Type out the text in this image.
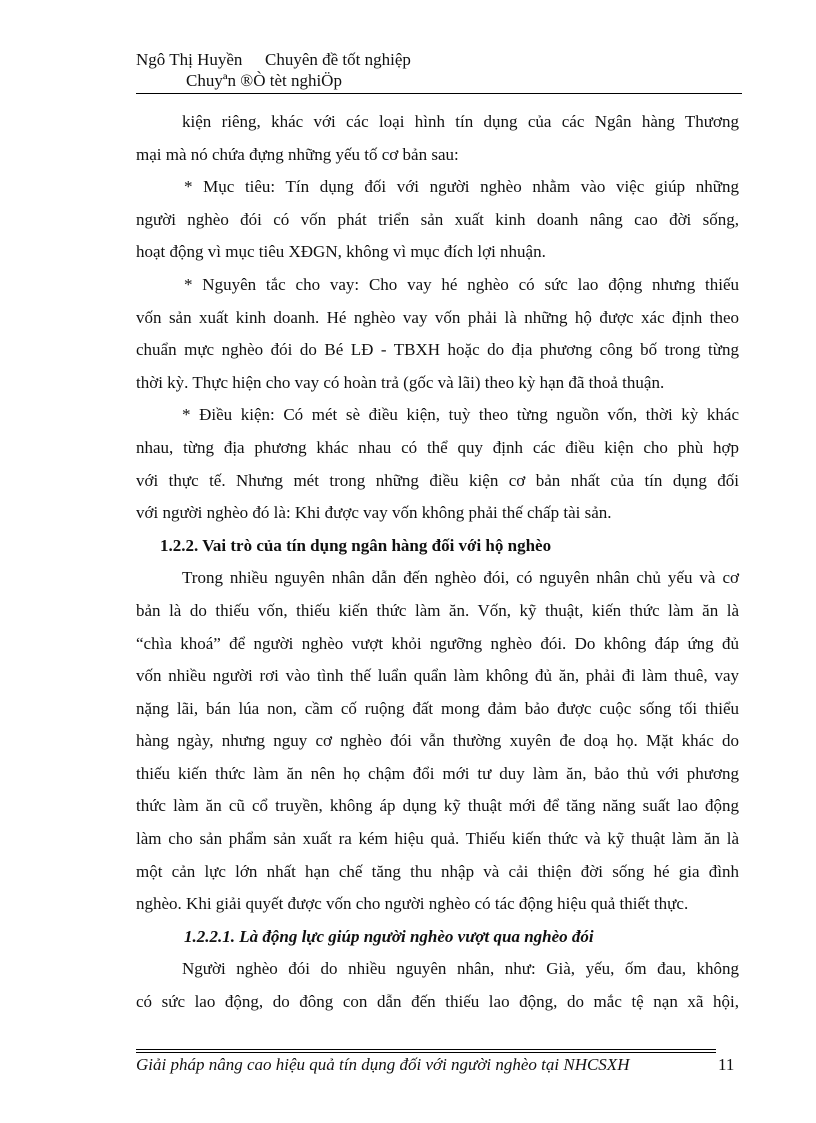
Ngô Thị Huyền Chuyên đề tốt nghiệp
Chuyªn ®Ò tèt nghiÖp
kiện riêng, khác với các loại hình tín dụng của các Ngân hàng Thương
mại mà nó chứa đựng những yếu tố cơ bản sau:
* Mục tiêu: Tín dụng đối với người nghèo nhằm vào việc giúp những
người nghèo đói có vốn phát triển sản xuất kinh doanh nâng cao đời sống,
hoạt động vì mục tiêu XĐGN, không vì mục đích lợi nhuận.
* Nguyên tắc cho vay: Cho vay hé nghèo có sức lao động nhưng thiếu
vốn sản xuất kinh doanh. Hé nghèo vay vốn phải là những hộ được xác định theo
chuẩn mực nghèo đói do Bé LĐ - TBXH hoặc do địa phương công bố trong từng
thời kỳ. Thực hiện cho vay có hoàn trả (gốc và lãi) theo kỳ hạn đã thoả thuận.
* Điều kiện: Có mét sè điều kiện, tuỳ theo từng nguồn vốn, thời kỳ khác
nhau, từng địa phương khác nhau có thể quy định các điều kiện cho phù hợp
với thực tế. Nhưng mét trong những điều kiện cơ bản nhất của tín dụng đối
với người nghèo đó là: Khi được vay vốn không phải thế chấp tài sản.
1.2.2. Vai trò của tín dụng ngân hàng đối với hộ nghèo
Trong nhiều nguyên nhân dẫn đến nghèo đói, có nguyên nhân chủ yếu và cơ
bản là do thiếu vốn, thiếu kiến thức làm ăn. Vốn, kỹ thuật, kiến thức làm ăn là
“chìa khoá” để người nghèo vượt khỏi ngưỡng nghèo đói. Do không đáp ứng đủ
vốn nhiều người rơi vào tình thế luẩn quẩn làm không đủ ăn, phải đi làm thuê, vay
nặng lãi, bán lúa non, cầm cố ruộng đất mong đảm bảo được cuộc sống tối thiểu
hàng ngày, nhưng nguy cơ nghèo đói vẫn thường xuyên đe doạ họ. Mặt khác do
thiếu kiến thức làm ăn nên họ chậm đổi mới tư duy làm ăn, bảo thủ với phương
thức làm ăn cũ cổ truyền, không áp dụng kỹ thuật mới để tăng năng suất lao động
làm cho sản phẩm sản xuất ra kém hiệu quả. Thiếu kiến thức và kỹ thuật làm ăn là
một cản lực lớn nhất hạn chế tăng thu nhập và cải thiện đời sống hé gia đình
nghèo. Khi giải quyết được vốn cho người nghèo có tác động hiệu quả thiết thực.
1.2.2.1. Là động lực giúp người nghèo vượt qua nghèo đói
Người nghèo đói do nhiều nguyên nhân, như: Già, yếu, ốm đau, không
có sức lao động, do đông con dẫn đến thiếu lao động, do mắc tệ nạn xã hội,
Giải pháp nâng cao hiệu quả tín dụng đối với người nghèo tại NHCSXH	11
